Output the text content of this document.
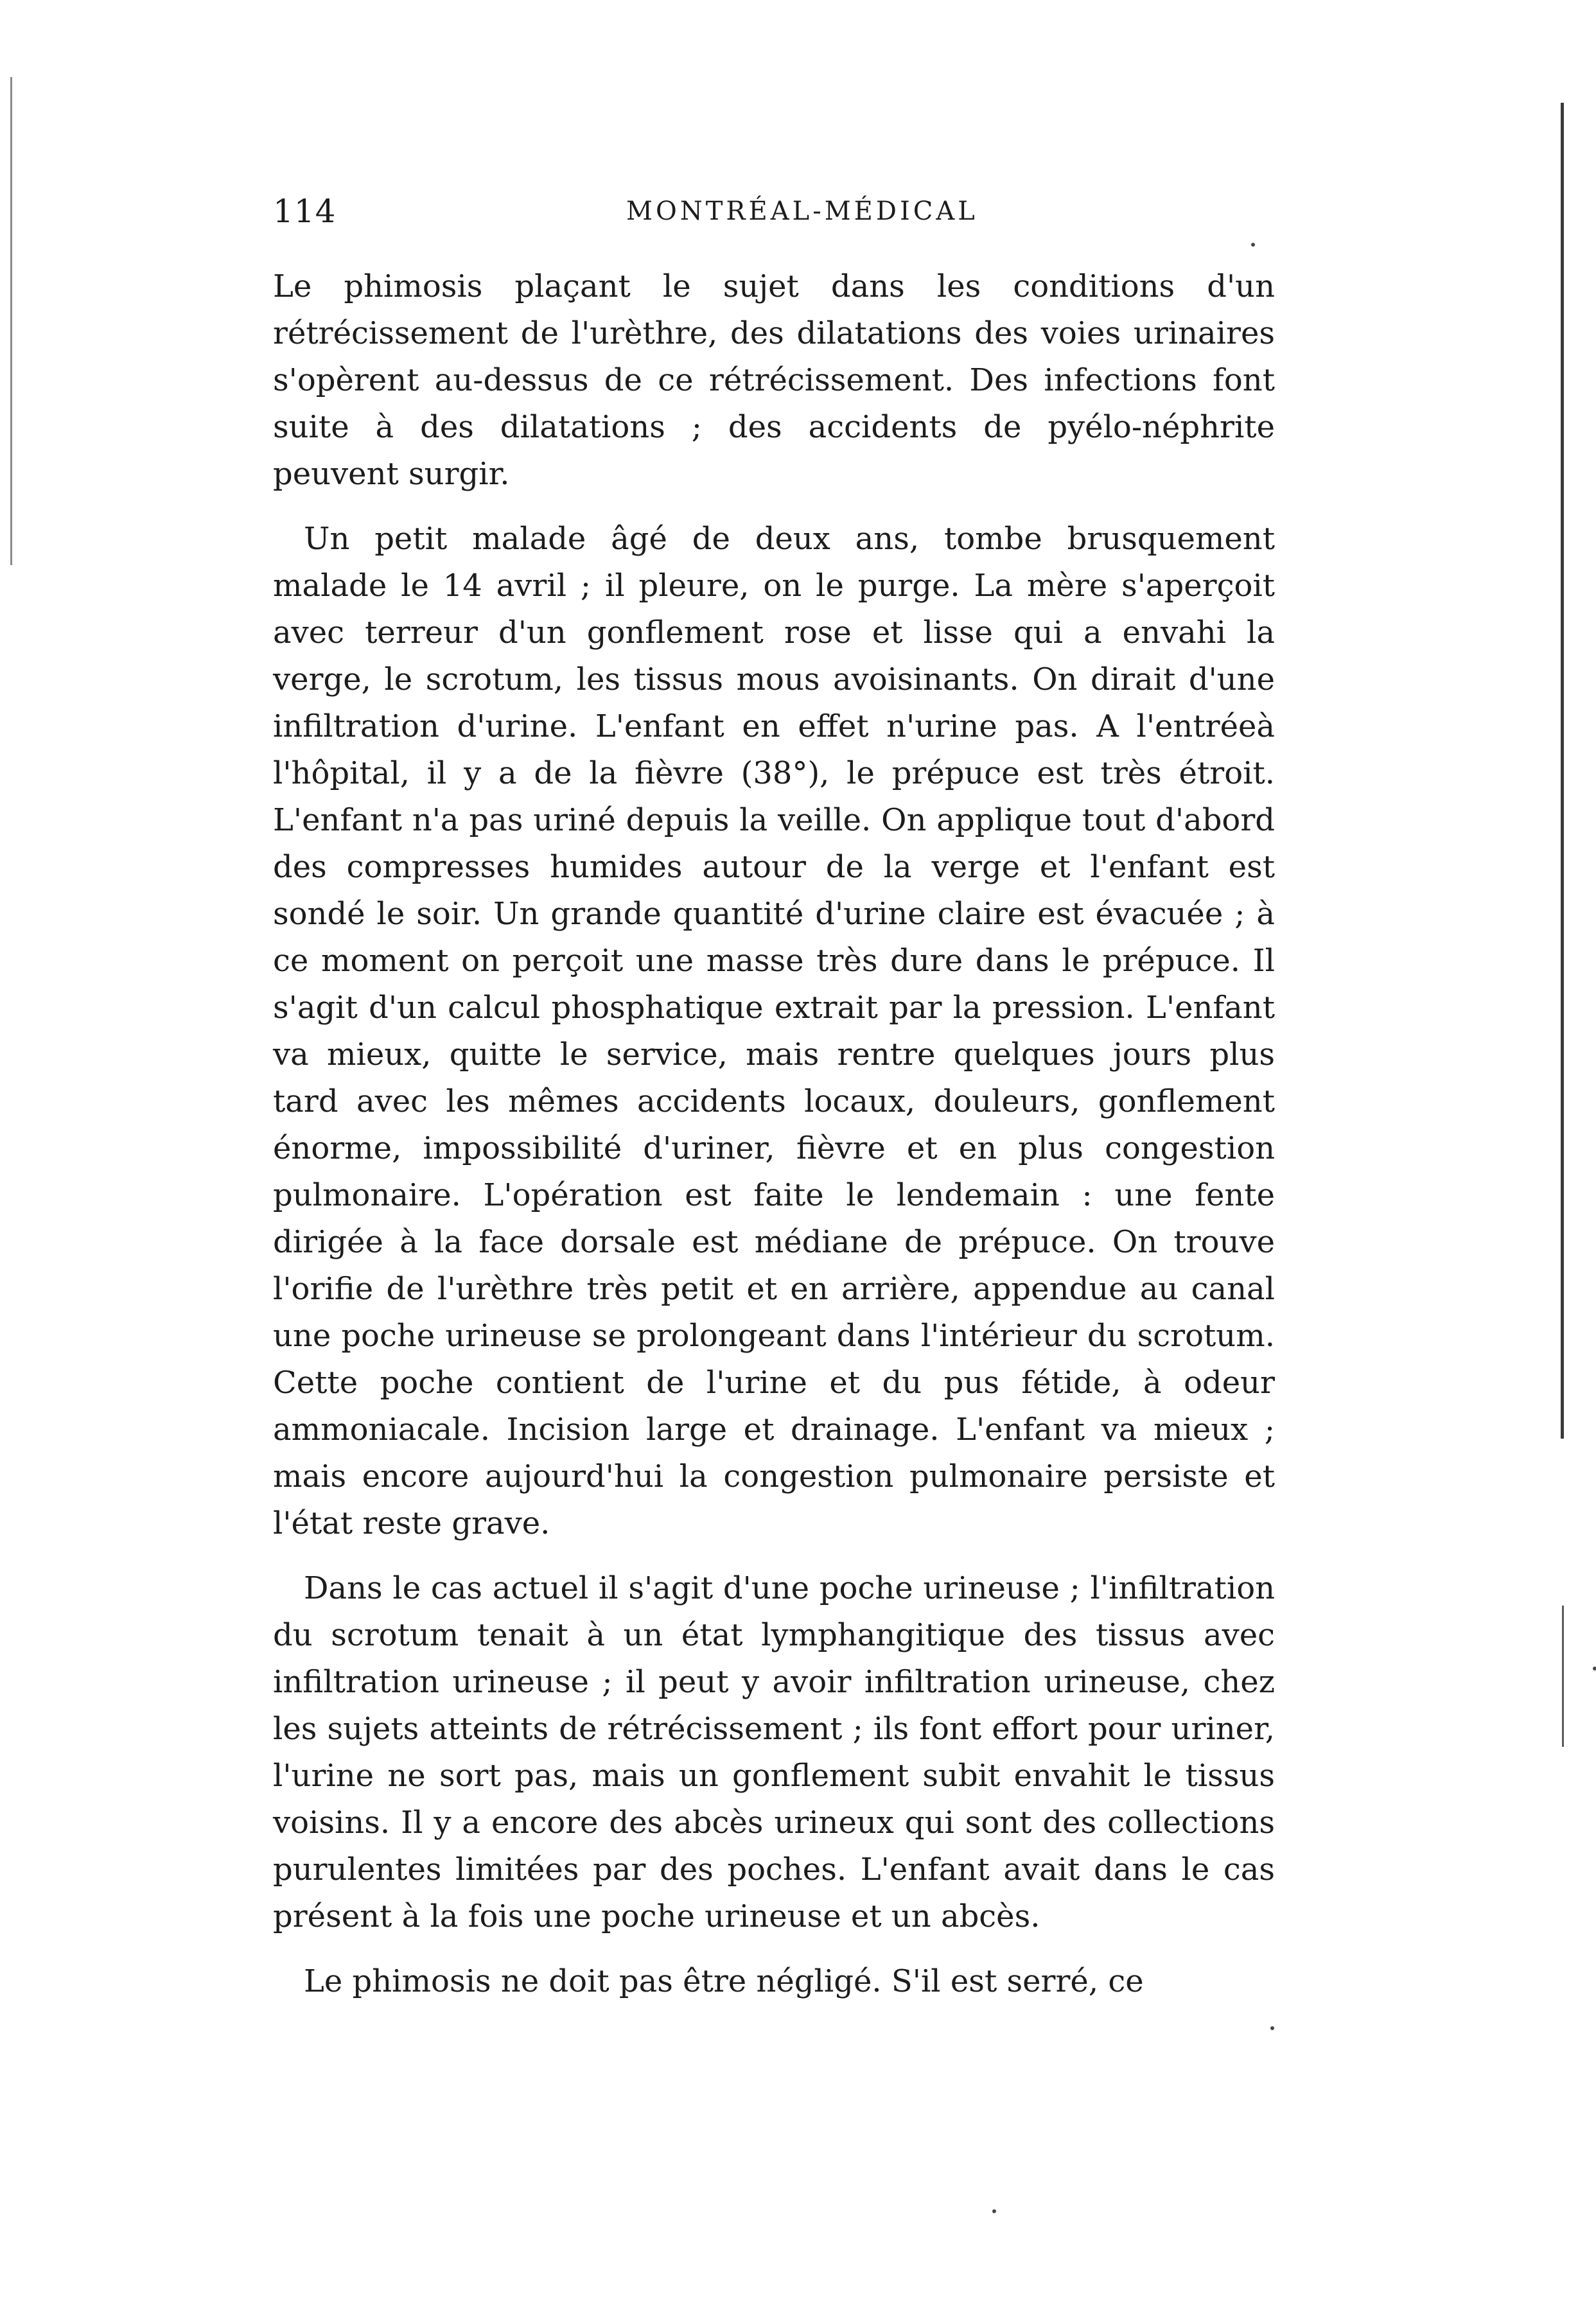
114	MONTRÉAL-MÉDICAL

Le phimosis plaçant le sujet dans les conditions d'un rétrécissement de l'urèthre, des dilatations des voies urinaires s'opèrent au-dessus de ce rétrécissement. Des infections font suite à des dilatations ; des accidents de pyélo-néphrite peuvent surgir.

Un petit malade âgé de deux ans, tombe brusquement malade le 14 avril ; il pleure, on le purge. La mère s'aperçoit avec terreur d'un gonflement rose et lisse qui a envahi la verge, le scrotum, les tissus mous avoisinants. On dirait d'une infiltration d'urine. L'enfant en effet n'urine pas. A l'entréeà l'hôpital, il y a de la fièvre (38°), le prépuce est très étroit. L'enfant n'a pas uriné depuis la veille. On applique tout d'abord des compresses humides autour de la verge et l'enfant est sondé le soir. Un grande quantité d'urine claire est évacuée ; à ce moment on perçoit une masse très dure dans le prépuce. Il s'agit d'un calcul phosphatique extrait par la pression. L'enfant va mieux, quitte le service, mais rentre quelques jours plus tard avec les mêmes accidents locaux, douleurs, gonflement énorme, impossibilité d'uriner, fièvre et en plus congestion pulmonaire. L'opération est faite le lendemain : une fente dirigée à la face dorsale est médiane de prépuce. On trouve l'orifie de l'urèthre très petit et en arrière, appendue au canal une poche urineuse se prolongeant dans l'intérieur du scrotum. Cette poche contient de l'urine et du pus fétide, à odeur ammoniacale. Incision large et drainage. L'enfant va mieux ; mais encore aujourd'hui la congestion pulmonaire persiste et l'état reste grave.

Dans le cas actuel il s'agit d'une poche urineuse ; l'infiltration du scrotum tenait à un état lymphangitique des tissus avec infiltration urineuse ; il peut y avoir infiltration urineuse, chez les sujets atteints de rétrécissement ; ils font effort pour uriner, l'urine ne sort pas, mais un gonflement subit envahit le tissus voisins. Il y a encore des abcès urineux qui sont des collections purulentes limitées par des poches. L'enfant avait dans le cas présent à la fois une poche urineuse et un abcès.

Le phimosis ne doit pas être négligé. S'il est serré, ce
